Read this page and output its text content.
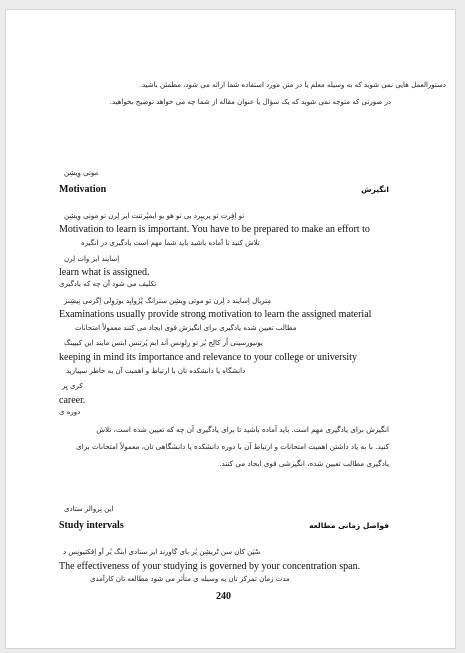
دستورالعمل هایی نمی شوید که به وسیله معلم یا در متن مورد استفاده شما ارائه می شود، مطمئن باشید.
در صورتی که متوجه نمی شوید که یک سؤال یا عنوان مقاله از شما چه می خواهد توضیح بخواهید.
موتی وِیشِن
Motivation	انگیزش
تو اِفِرت تو پریپِرد بی تو هو یو ایمپُرتنت ایز لِرن تو موتی وِیشِن
Motivation to learn is important. You have to be prepared to make an effort to
تلاش کنید تا آماده باشید باید شما مهم است یادگیری در انگیزه
اِسایند ایز وات لِرن
learn what is assigned.
تکلیف می شود آن چه که یادگیری
مِتریال اِسایند د لِرن تو موتی وِیشِن سترانگ پْرُوایِد یوژوِلی اِگزمی نِیشِنز
Examinations usually provide strong motivation to learn the assigned material
مطالب تعیین شده یادگیری برای انگیزش قوی ایجاد می کنند معمولاً امتحانات
یونیورسیتی اُر کالِج یُر تو رِلوِنس اَند ایم پُرتنس ایتس مایند این کیپینگ
keeping in mind its importance and relevance to your college or university
دانشگاه یا دانشکده تان با ارتباط و اهمیت آن به خاطر سپیارید
کری یِر
career.
دوره ی
انگیزش برای یادگیری مهم است. باید آماده باشید تا برای یادگیری آن چه که تعیین شده است، تلاش
کنید. با به یاد داشتن اهمیت امتحانات و ارتباط آن با دوره دانشکده یا دانشگاهی تان، معمولاً امتحانات برای
یادگیری مطالب تعیین شده، انگیزشی قوی ایجاد می کنند.
این تِروالز ستادی
Study intervals	فواصل زمانی مطالعه
سْپَن کان سن تْریشِن یُر بای گاورند ایز ستادی اینگ یُر آو اِفکتیونِس د
The effectiveness of your studying is governed by your concentration span.
مدت زمان تمرکز تان به وسیله ی متأثر می شود مطالعه تان کارآمدی
240
